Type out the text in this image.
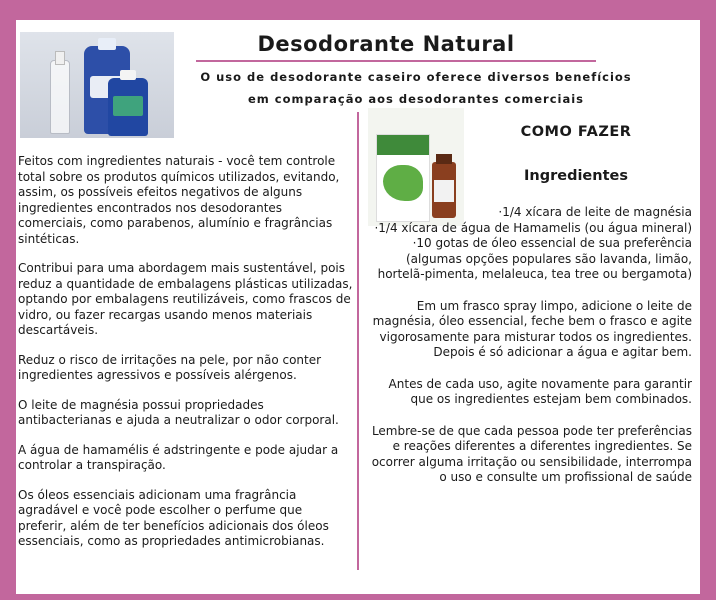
Desodorante Natural

O uso de desodorante caseiro oferece diversos benefícios
em comparação aos desodorantes comerciais

Feitos com ingredientes naturais - você tem controle total sobre os produtos químicos utilizados, evitando, assim, os possíveis efeitos negativos de alguns ingredientes encontrados nos desodorantes comerciais, como parabenos, alumínio e fragrâncias sintéticas.

Contribui para uma abordagem mais sustentável, pois reduz a quantidade de embalagens plásticas utilizadas, optando por embalagens reutilizáveis, como frascos de vidro, ou fazer recargas usando menos materiais descartáveis.

Reduz o risco de irritações na pele, por não conter ingredientes agressivos e possíveis alérgenos.

O leite de magnésia possui propriedades antibacterianas e ajuda a neutralizar o odor corporal.

A água de hamamélis é adstringente e pode ajudar a controlar a transpiração.

Os óleos essenciais adicionam uma fragrância agradável e você pode escolher o perfume que preferir, além de ter benefícios adicionais dos óleos essenciais, como as propriedades antimicrobianas.

COMO FAZER
Ingredientes

·1/4 xícara de leite de magnésia

·1/4 xícara de água de Hamamelis (ou água mineral)

·10 gotas de óleo essencial de sua preferência (algumas opções populares são lavanda, limão, hortelã-pimenta, melaleuca, tea tree ou bergamota)

Em um frasco spray limpo, adicione o leite de magnésia, óleo essencial, feche bem o frasco e agite vigorosamente para misturar todos os ingredientes. Depois é só adicionar a água e agitar bem.

Antes de cada uso, agite novamente para garantir que os ingredientes estejam bem combinados.

Lembre-se de que cada pessoa pode ter preferências e reações diferentes a diferentes ingredientes. Se ocorrer alguma irritação ou sensibilidade, interrompa o uso e consulte um profissional de saúde
